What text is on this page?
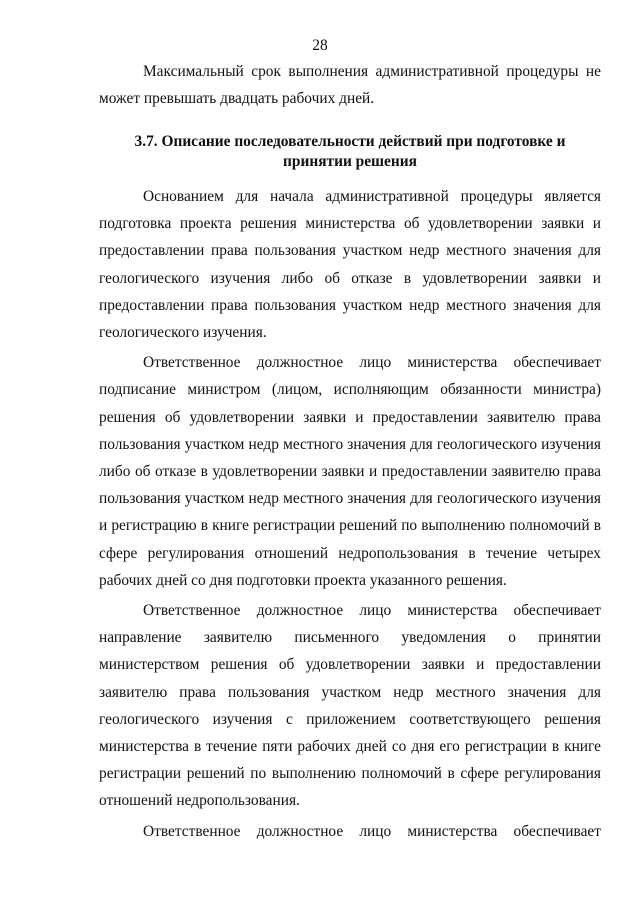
28

Максимальный срок выполнения административной процедуры не может превышать двадцать рабочих дней.

3.7. Описание последовательности действий при подготовке и принятии решения

Основанием для начала административной процедуры является подготовка проекта решения министерства об удовлетворении заявки и предоставлении права пользования участком недр местного значения для геологического изучения либо об отказе в удовлетворении заявки и предоставлении права пользования участком недр местного значения для геологического изучения.

Ответственное должностное лицо министерства обеспечивает подписание министром (лицом, исполняющим обязанности министра) решения об удовлетворении заявки и предоставлении заявителю права пользования участком недр местного значения для геологического изучения либо об отказе в удовлетворении заявки и предоставлении заявителю права пользования участком недр местного значения для геологического изучения и регистрацию в книге регистрации решений по выполнению полномочий в сфере регулирования отношений недропользования в течение четырех рабочих дней со дня подготовки проекта указанного решения.

Ответственное должностное лицо министерства обеспечивает направление заявителю письменного уведомления о принятии министерством решения об удовлетворении заявки и предоставлении заявителю права пользования участком недр местного значения для геологического изучения с приложением соответствующего решения министерства в течение пяти рабочих дней со дня его регистрации в книге регистрации решений по выполнению полномочий в сфере регулирования отношений недропользования.

Ответственное должностное лицо министерства обеспечивает
